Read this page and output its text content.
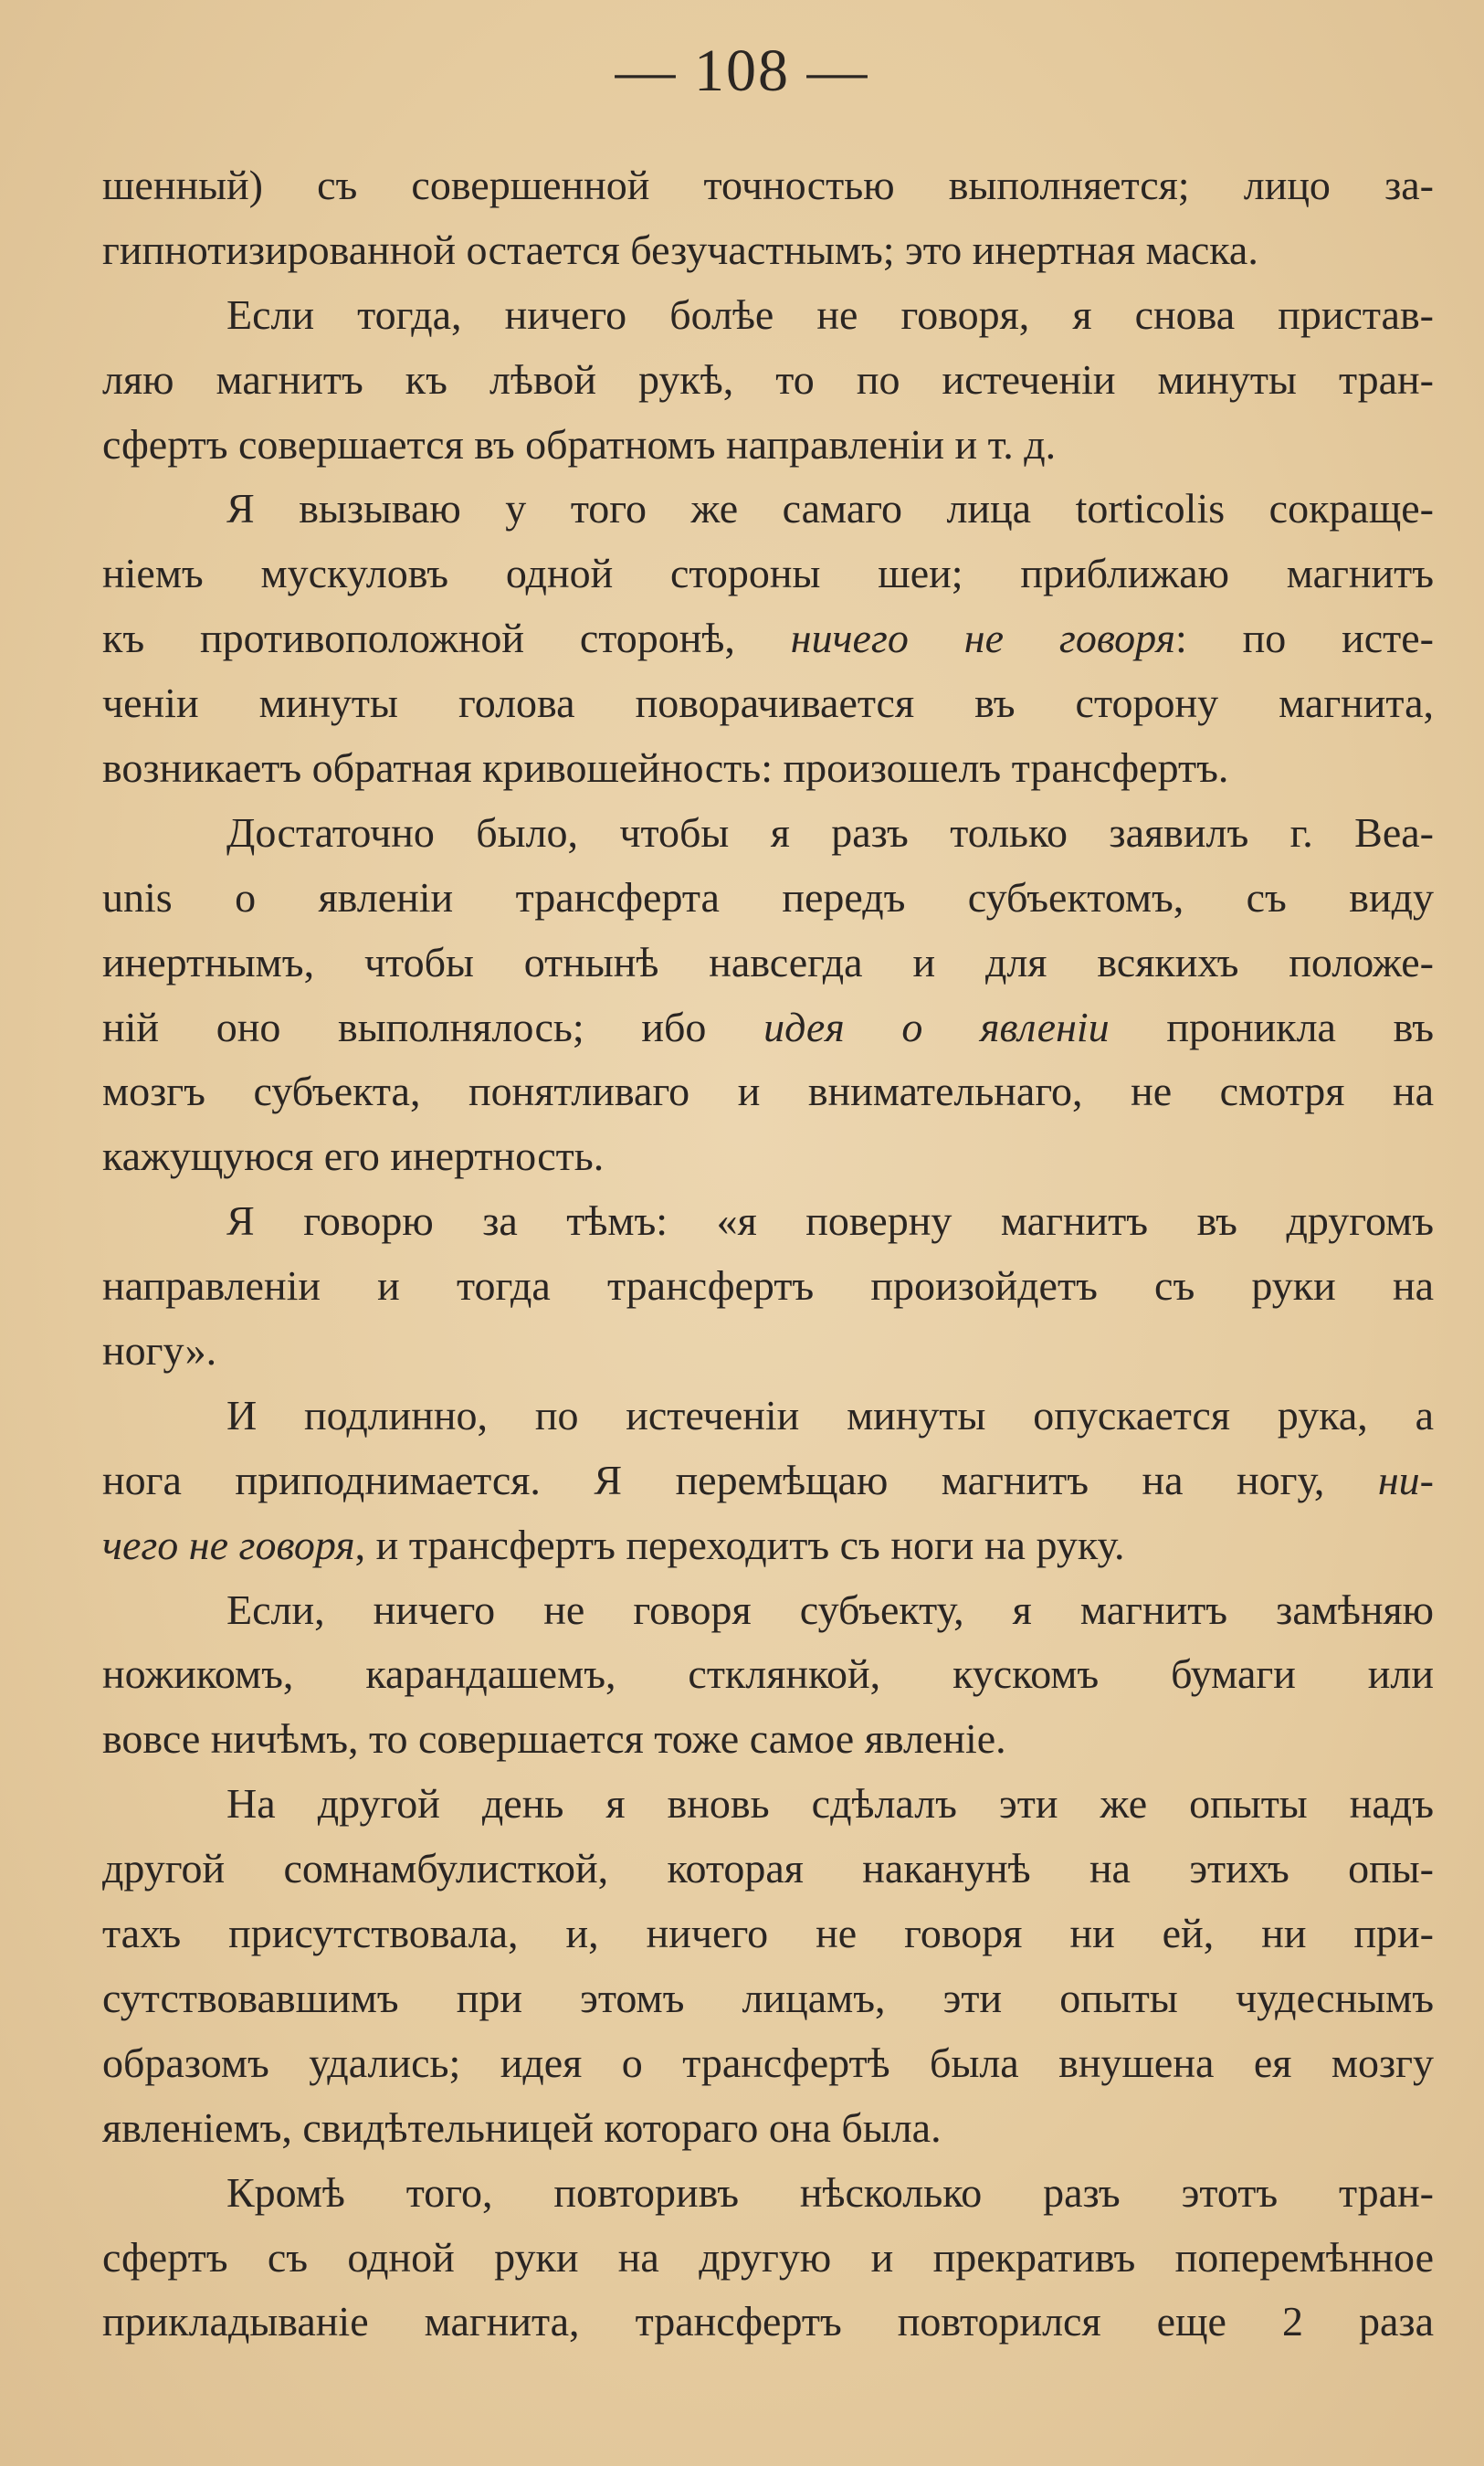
— 108 —
шенный) съ совершенной точностью выполняется; лицо за-
гипнотизированной остается безучастнымъ; это инертная маска.
Если тогда, ничего болѣе не говоря, я снова пристав-
ляю магнитъ къ лѣвой рукѣ, то по истеченіи минуты тран-
сфертъ совершается въ обратномъ направленіи и т. д.
Я вызываю у того же самаго лица torticolis сокраще-
ніемъ мускуловъ одной стороны шеи; приближаю магнитъ
къ противоположной сторонѣ, ничего не говоря: по исте-
ченіи минуты голова поворачивается въ сторону магнита,
возникаетъ обратная кривошейность: произошелъ трансфертъ.
Достаточно было, чтобы я разъ только заявилъ г. Bea-
unis о явленіи трансферта передъ субъектомъ, съ виду
инертнымъ, чтобы отнынѣ навсегда и для всякихъ положе-
ній оно выполнялось; ибо идея о явленіи проникла въ
мозгъ субъекта, понятливаго и внимательнаго, не смотря на
кажущуюся его инертность.
Я говорю за тѣмъ: «я поверну магнитъ въ другомъ
направленіи и тогда трансфертъ произойдетъ съ руки на
ногу».
И подлинно, по истеченіи минуты опускается рука, а
нога приподнимается. Я перемѣщаю магнитъ на ногу, ни-
чего не говоря, и трансфертъ переходитъ съ ноги на руку.
Если, ничего не говоря субъекту, я магнитъ замѣняю
ножикомъ, карандашемъ, стклянкой, кускомъ бумаги или
вовсе ничѣмъ, то совершается тоже самое явленіе.
На другой день я вновь сдѣлалъ эти же опыты надъ
другой сомнамбулисткой, которая наканунѣ на этихъ опы-
тахъ присутствовала, и, ничего не говоря ни ей, ни при-
сутствовавшимъ при этомъ лицамъ, эти опыты чудеснымъ
образомъ удались; идея о трансфертѣ была внушена ея мозгу
явленіемъ, свидѣтельницей котораго она была.
Кромѣ того, повторивъ нѣсколько разъ этотъ тран-
сфертъ съ одной руки на другую и прекративъ поперемѣнное
прикладываніе магнита, трансфертъ повторился еще 2 раза
